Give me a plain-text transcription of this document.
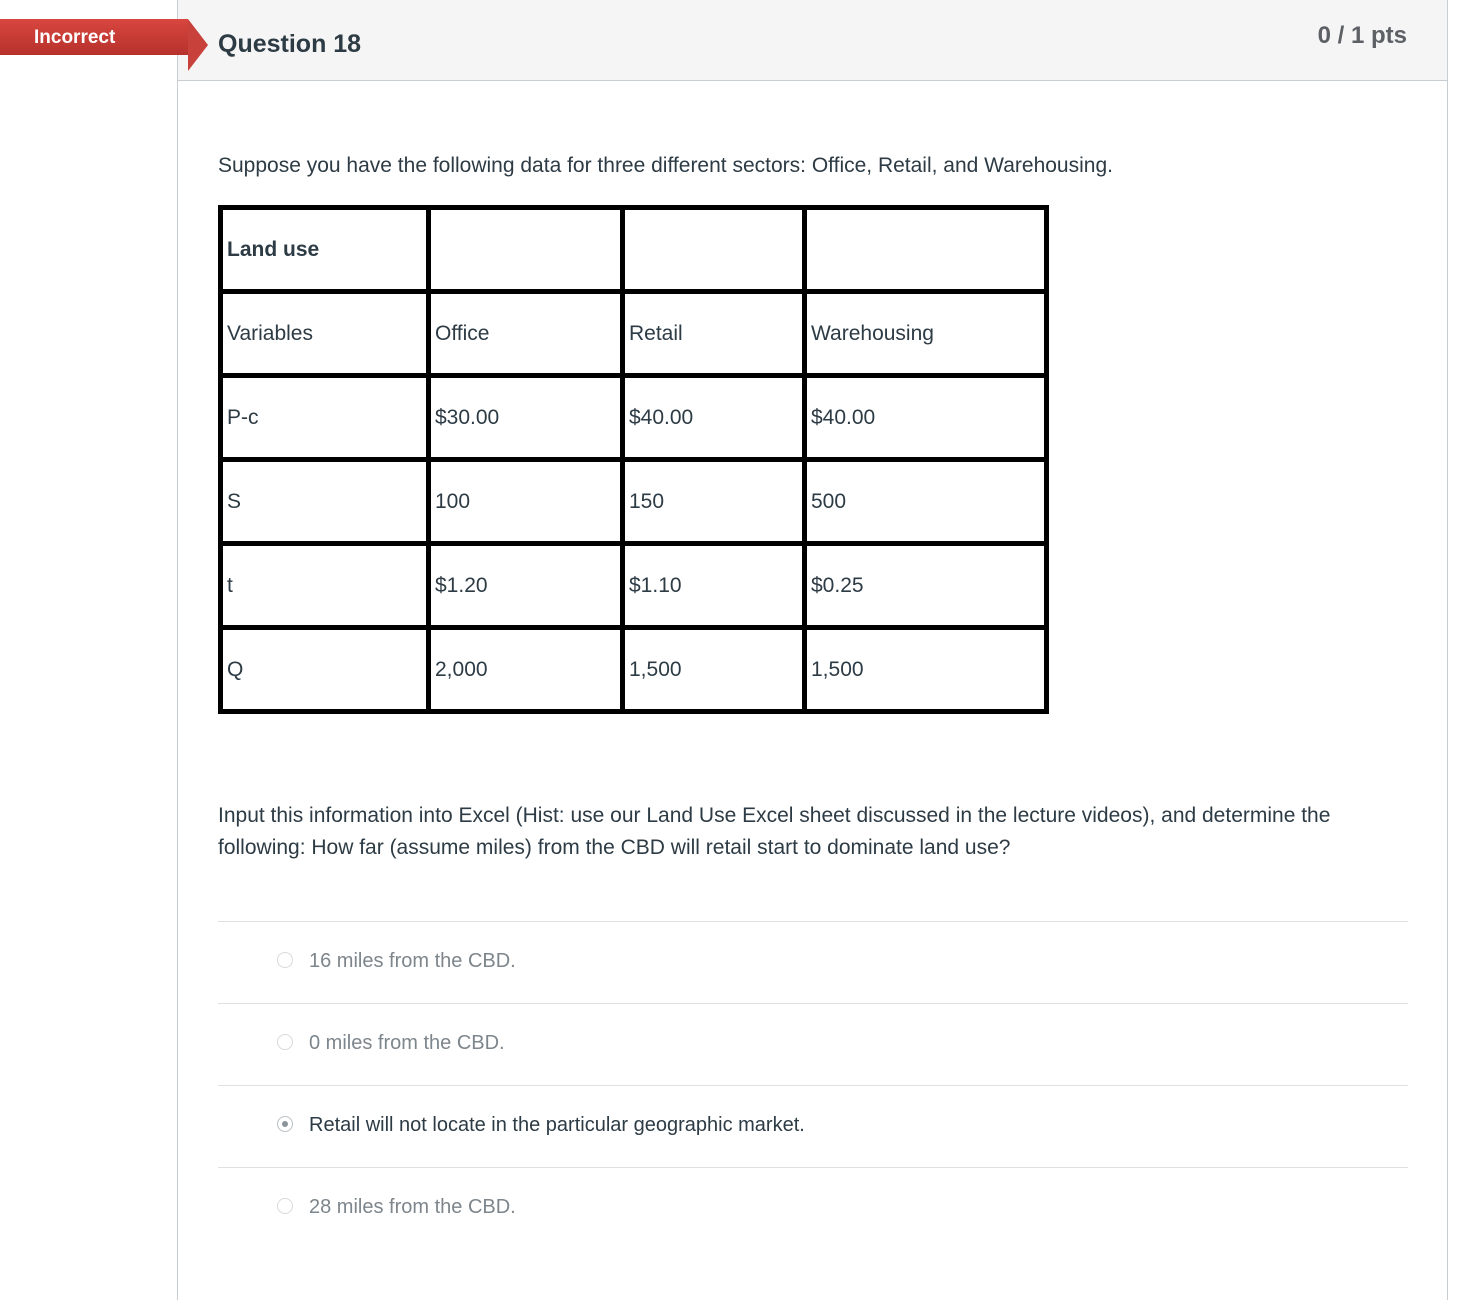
Question 18	0 / 1 pts
Incorrect
Suppose you have the following data for three different sectors: Office, Retail, and Warehousing.
Land use			
Variables	Office	Retail	Warehousing
P-c	$30.00	$40.00	$40.00
S	100	150	500
t	$1.20	$1.10	$0.25
Q	2,000	1,500	1,500
Input this information into Excel (Hist: use our Land Use Excel sheet discussed in the lecture videos), and determine the following: How far (assume miles) from the CBD will retail start to dominate land use?
16 miles from the CBD.
0 miles from the CBD.
Retail will not locate in the particular geographic market.
28 miles from the CBD.
